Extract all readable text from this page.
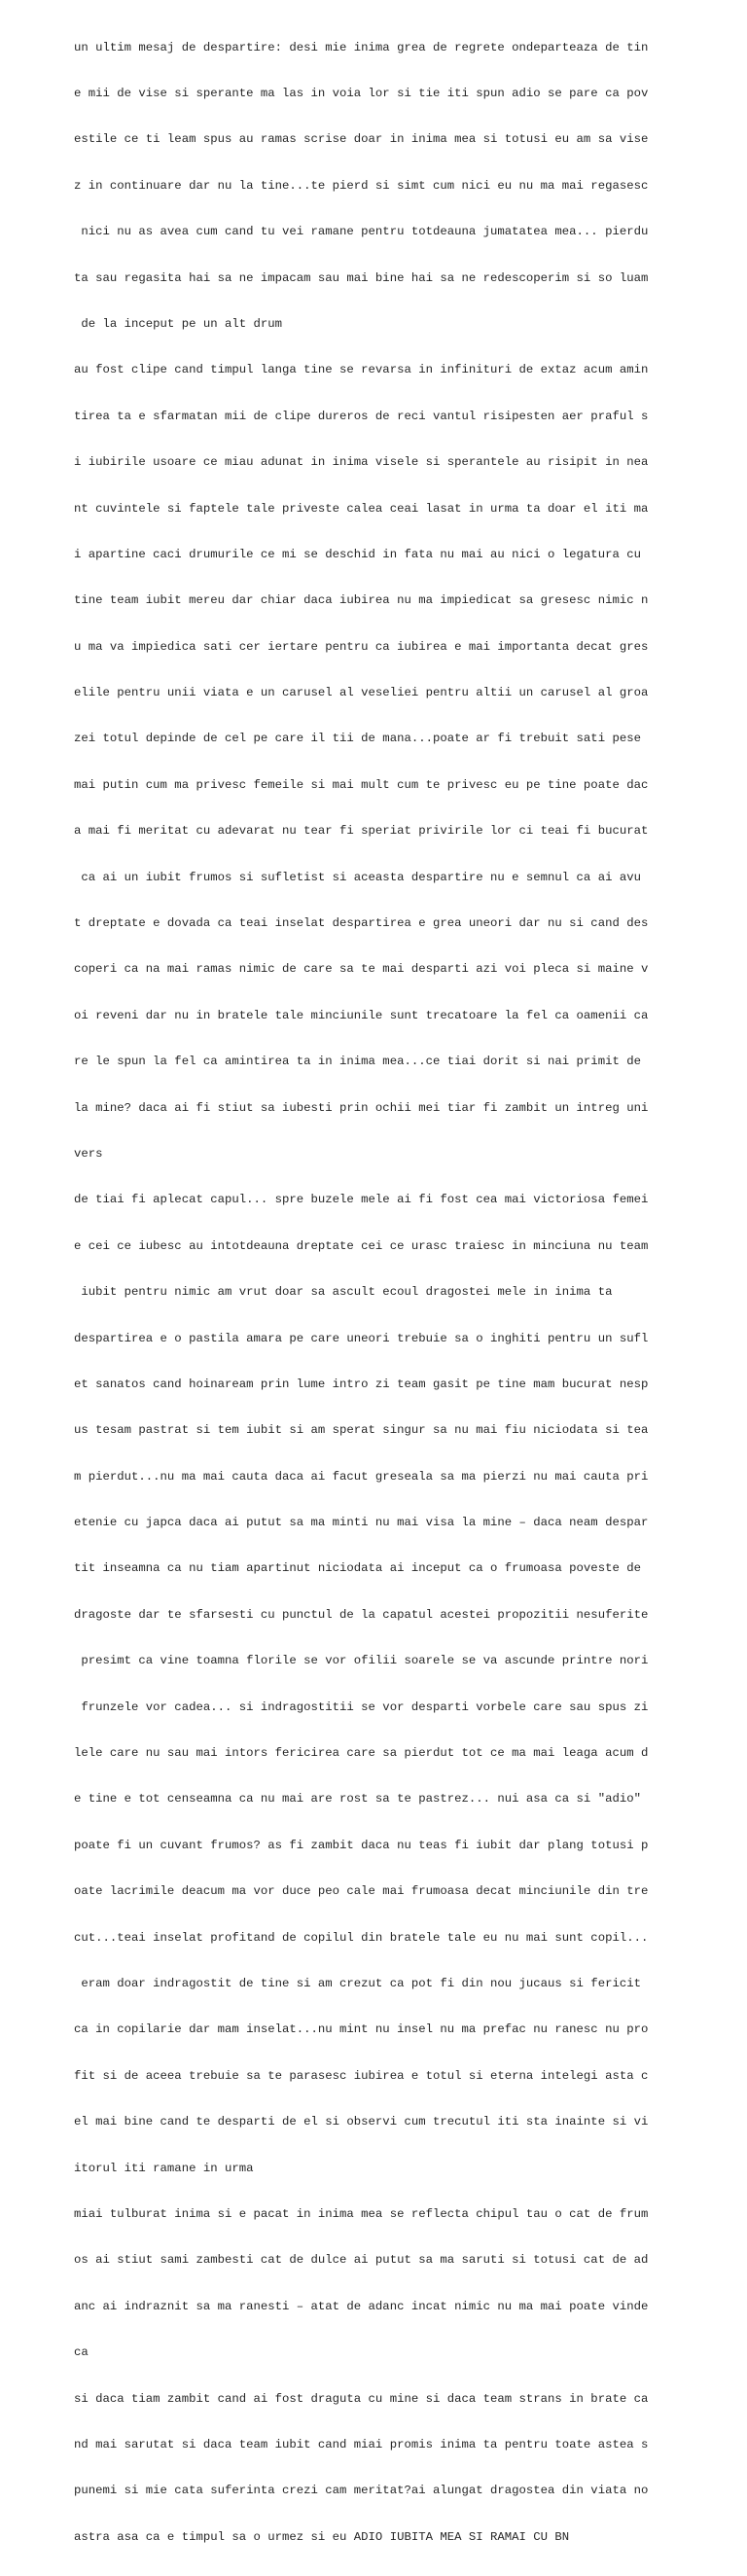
un ultim mesaj de despartire: desi mie inima grea de regrete ondeparteaza de tin

e mii de vise si sperante ma las in voia lor si tie iti spun adio se pare ca pov

estile ce ti leam spus au ramas scrise doar in inima mea si totusi eu am sa vise

z in continuare dar nu la tine...te pierd si simt cum nici eu nu ma mai regasesc

nici nu as avea cum cand tu vei ramane pentru totdeauna jumatatea mea... pierdu

ta sau regasita hai sa ne impacam sau mai bine hai sa ne redescoperim si so luam

de la inceput pe un alt drum

au fost clipe cand timpul langa tine se revarsa in infinituri de extaz acum amin

tirea ta e sfarmatan mii de clipe dureros de reci vantul risipesten aer praful s

i iubirile usoare ce miau adunat in inima visele si sperantele au risipit in nea

nt cuvintele si faptele tale priveste calea ceai lasat in urma ta doar el iti ma

i apartine caci drumurile ce mi se deschid in fata nu mai au nici o legatura cu

tine team iubit mereu dar chiar daca iubirea nu ma impiedicat sa gresesc nimic n

u ma va impiedica sati cer iertare pentru ca iubirea e mai importanta decat gres

elile pentru unii viata e un carusel al veseliei pentru altii un carusel al groa

zei totul depinde de cel pe care il tii de mana...poate ar fi trebuit sati pese

mai putin cum ma privesc femeile si mai mult cum te privesc eu pe tine poate dac

a mai fi meritat cu adevarat nu tear fi speriat privirile lor ci teai fi bucurat

ca ai un iubit frumos si sufletist si aceasta despartire nu e semnul ca ai avu

t dreptate e dovada ca teai inselat despartirea e grea uneori dar nu si cand des

coperi ca na mai ramas nimic de care sa te mai desparti azi voi pleca si maine v

oi reveni dar nu in bratele tale minciunile sunt trecatoare la fel ca oamenii ca

re le spun la fel ca amintirea ta in inima mea...ce tiai dorit si nai primit de

la mine? daca ai fi stiut sa iubesti prin ochii mei tiar fi zambit un intreg uni

vers

de tiai fi aplecat capul... spre buzele mele ai fi fost cea mai victoriosa femei

e cei ce iubesc au intotdeauna dreptate cei ce urasc traiesc in minciuna nu team

iubit pentru nimic am vrut doar sa ascult ecoul dragostei mele in inima ta

despartirea e o pastila amara pe care uneori trebuie sa o inghiti pentru un sufl

et sanatos cand hoinaream prin lume intro zi team gasit pe tine mam bucurat nesp

us tesam pastrat si tem iubit si am sperat singur sa nu mai fiu niciodata si tea

m pierdut...nu ma mai cauta daca ai facut greseala sa ma pierzi nu mai cauta pri

etenie cu japca daca ai putut sa ma minti nu mai visa la mine – daca neam despar

tit inseamna ca nu tiam apartinut niciodata ai inceput ca o frumoasa poveste de

dragoste dar te sfarsesti cu punctul de la capatul acestei propozitii nesuferite

presimt ca vine toamna florile se vor ofilii soarele se va ascunde printre nori

frunzele vor cadea... si indragostitii se vor desparti vorbele care sau spus zi

lele care nu sau mai intors fericirea care sa pierdut tot ce ma mai leaga acum d

e tine e tot censeamna ca nu mai are rost sa te pastrez... nui asa ca si "adio"

poate fi un cuvant frumos? as fi zambit daca nu teas fi iubit dar plang totusi p

oate lacrimile deacum ma vor duce peo cale mai frumoasa decat minciunile din tre

cut...teai inselat profitand de copilul din bratele tale eu nu mai sunt copil...

eram doar indragostit de tine si am crezut ca pot fi din nou jucaus si fericit

ca in copilarie dar mam inselat...nu mint nu insel nu ma prefac nu ranesc nu pro

fit si de aceea trebuie sa te parasesc iubirea e totul si eterna intelegi asta c

el mai bine cand te desparti de el si observi cum trecutul iti sta inainte si vi

itorul iti ramane in urma

miai tulburat inima si e pacat in inima mea se reflecta chipul tau o cat de frum

os ai stiut sami zambesti cat de dulce ai putut sa ma saruti si totusi cat de ad

anc ai indraznit sa ma ranesti – atat de adanc incat nimic nu ma mai poate vinde

ca

si daca tiam zambit cand ai fost draguta cu mine si daca team strans in brate ca

nd mai sarutat si daca team iubit cand miai promis inima ta pentru toate astea s

punemi si mie cata suferinta crezi cam meritat?ai alungat dragostea din viata no

astra asa ca e timpul sa o urmez si eu ADIO IUBITA MEA SI RAMAI CU BN
